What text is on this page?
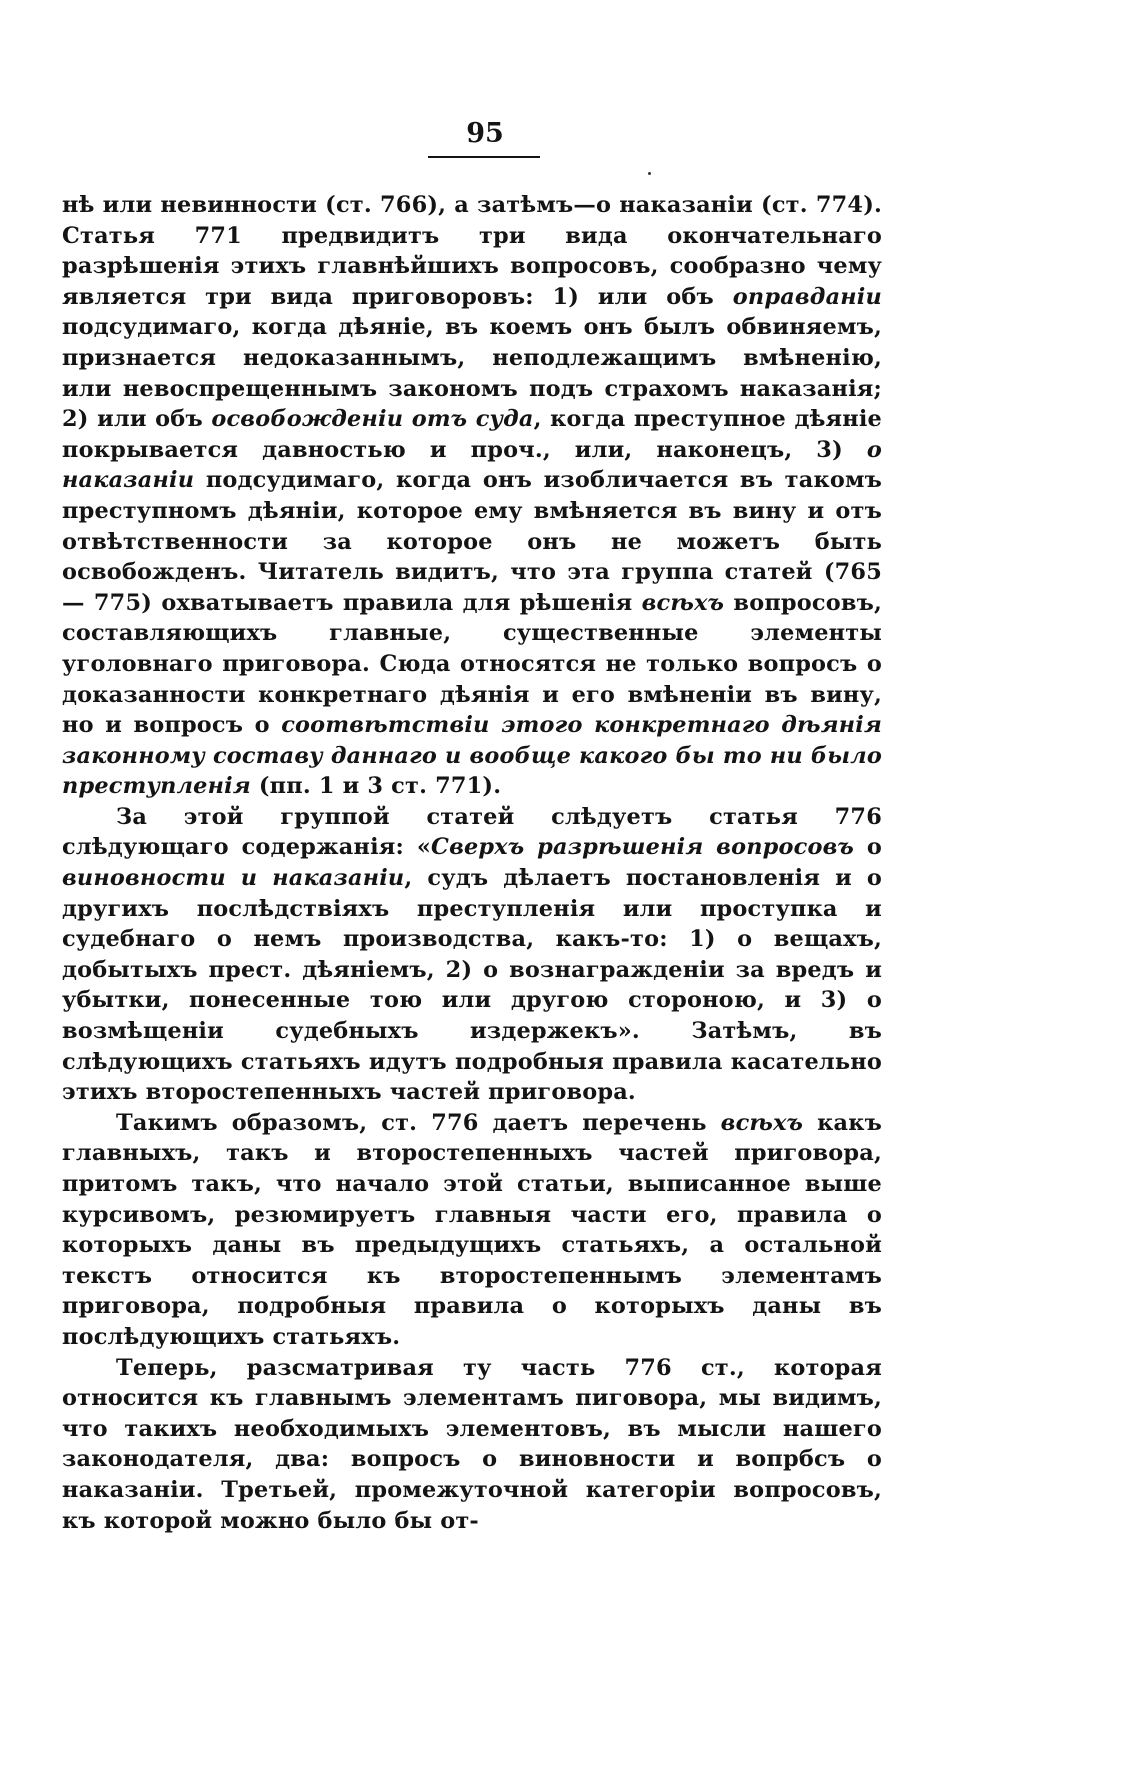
95

нѣ или невинности (ст. 766), а затѣмъ—о наказаніи (ст. 774). Статья 771 предвидитъ три вида окончательнаго разрѣшенія этихъ главнѣйшихъ вопросовъ, сообразно чему является три вида приговоровъ: 1) или объ оправданіи подсудимаго, когда дѣяніе, въ коемъ онъ былъ обвиняемъ, признается недоказаннымъ, неподлежащимъ вмѣненію, или невоспрещеннымъ закономъ подъ страхомъ наказанія; 2) или объ освобожденіи отъ суда, когда преступное дѣяніе покрывается давностью и проч., или, наконецъ, 3) о наказаніи подсудимаго, когда онъ изобличается въ такомъ преступномъ дѣяніи, которое ему вмѣняется въ вину и отъ отвѣтственности за которое онъ не можетъ быть освобожденъ. Читатель видитъ, что эта группа статей (765 — 775) охватываетъ правила для рѣшенія всѣхъ вопросовъ, составляющихъ главные, существенные элементы уголовнаго приговора. Сюда относятся не только вопросъ о доказанности конкретнаго дѣянія и его вмѣненіи въ вину, но и вопросъ о соотвѣтствіи этого конкретнаго дѣянія законному составу даннаго и вообще какого бы то ни было преступленія (пп. 1 и 3 ст. 771).

За этой группой статей слѣдуетъ статья 776 слѣдующаго содержанія: «Сверхъ разрѣшенія вопросовъ о виновности и наказаніи, судъ дѣлаетъ постановленія и о другихъ послѣдствіяхъ преступленія или проступка и судебнаго о немъ производства, какъ-то: 1) о вещахъ, добытыхъ прест. дѣяніемъ, 2) о вознагражденіи за вредъ и убытки, понесенные тою или другою стороною, и 3) о возмѣщеніи судебныхъ издержекъ». Затѣмъ, въ слѣдующихъ статьяхъ идутъ подробныя правила касательно этихъ второстепенныхъ частей приговора.

Такимъ образомъ, ст. 776 даетъ перечень всѣхъ какъ главныхъ, такъ и второстепенныхъ частей приговора, притомъ такъ, что начало этой статьи, выписанное выше курсивомъ, резюмируетъ главныя части его, правила о которыхъ даны въ предыдущихъ статьяхъ, а остальной текстъ относится къ второстепеннымъ элементамъ приговора, подробныя правила о которыхъ даны въ послѣдующихъ статьяхъ.

Теперь, разсматривая ту часть 776 ст., которая относится къ главнымъ элементамъ пиговора, мы видимъ, что такихъ необходимыхъ элементовъ, въ мысли нашего законодателя, два: вопросъ о виновности и вопрбсъ о наказаніи. Третьей, промежуточной категоріи вопросовъ, къ которой можно было бы от-
